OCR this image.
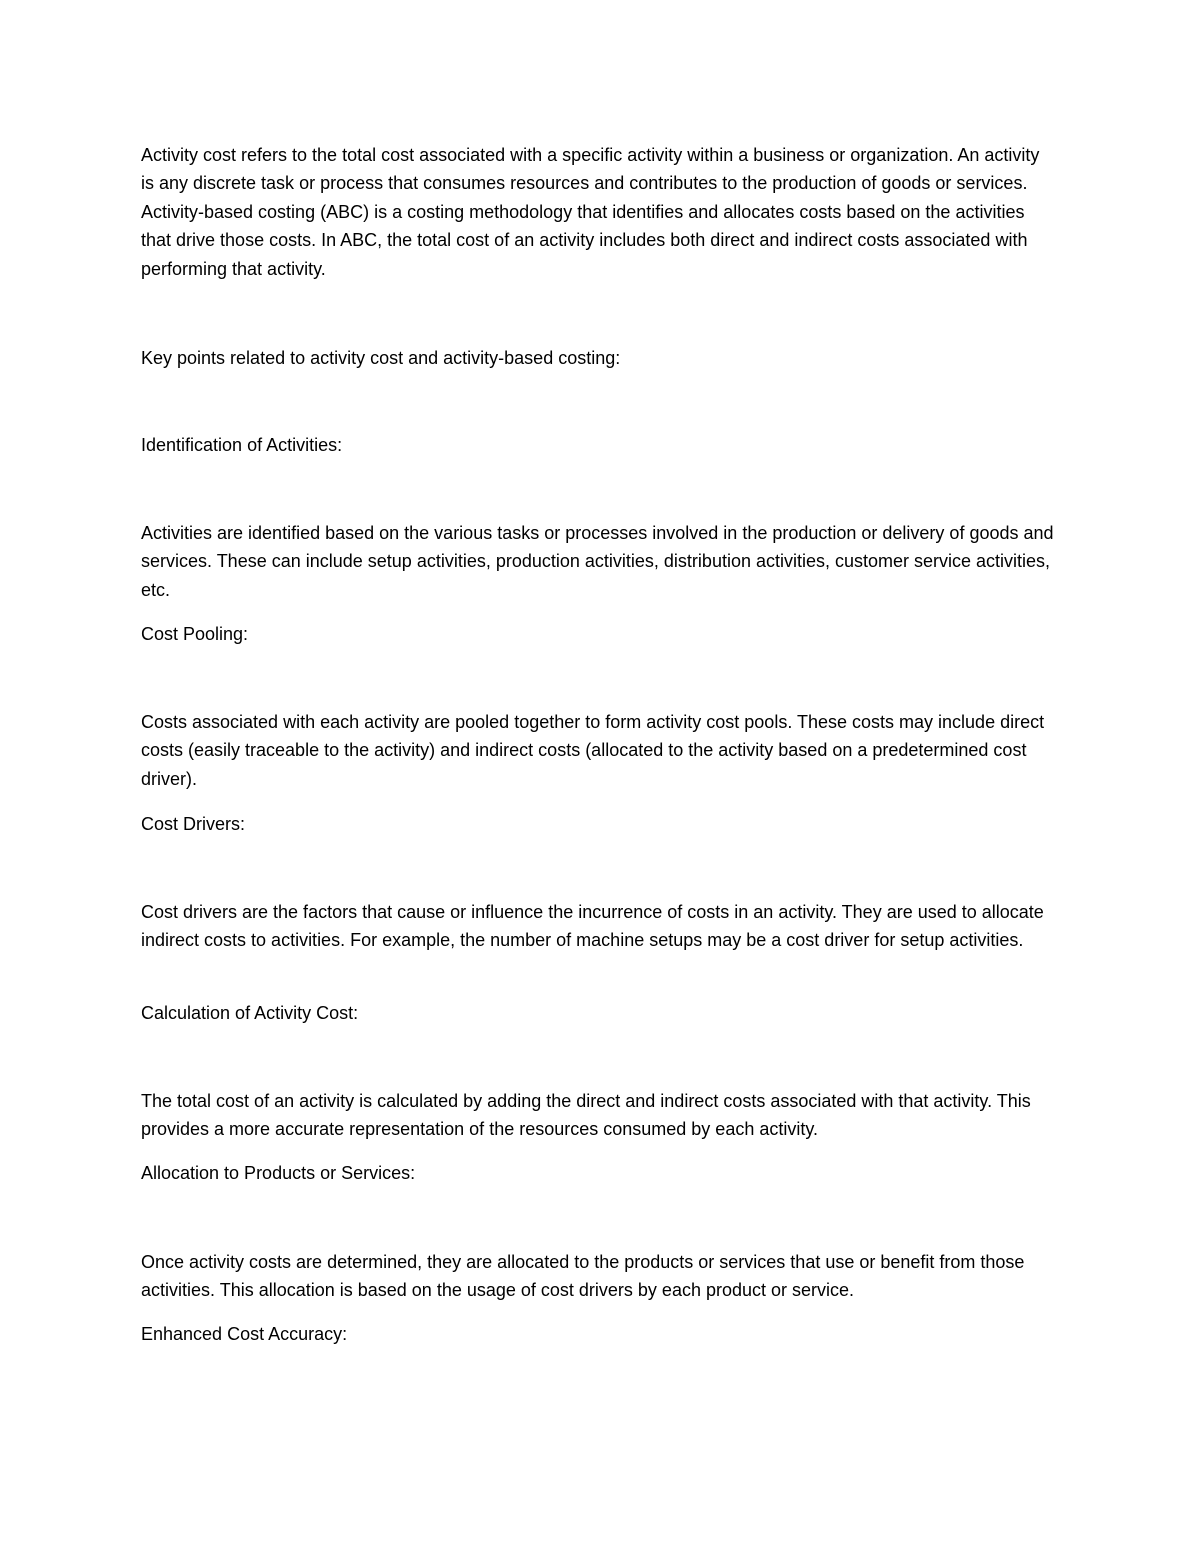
Activity cost refers to the total cost associated with a specific activity within a business or organization. An activity is any discrete task or process that consumes resources and contributes to the production of goods or services. Activity-based costing (ABC) is a costing methodology that identifies and allocates costs based on the activities that drive those costs. In ABC, the total cost of an activity includes both direct and indirect costs associated with performing that activity.

Key points related to activity cost and activity-based costing:

Identification of Activities:

Activities are identified based on the various tasks or processes involved in the production or delivery of goods and services. These can include setup activities, production activities, distribution activities, customer service activities, etc.

Cost Pooling:

Costs associated with each activity are pooled together to form activity cost pools. These costs may include direct costs (easily traceable to the activity) and indirect costs (allocated to the activity based on a predetermined cost driver).

Cost Drivers:

Cost drivers are the factors that cause or influence the incurrence of costs in an activity. They are used to allocate indirect costs to activities. For example, the number of machine setups may be a cost driver for setup activities.

Calculation of Activity Cost:

The total cost of an activity is calculated by adding the direct and indirect costs associated with that activity. This provides a more accurate representation of the resources consumed by each activity.

Allocation to Products or Services:

Once activity costs are determined, they are allocated to the products or services that use or benefit from those activities. This allocation is based on the usage of cost drivers by each product or service.

Enhanced Cost Accuracy:
